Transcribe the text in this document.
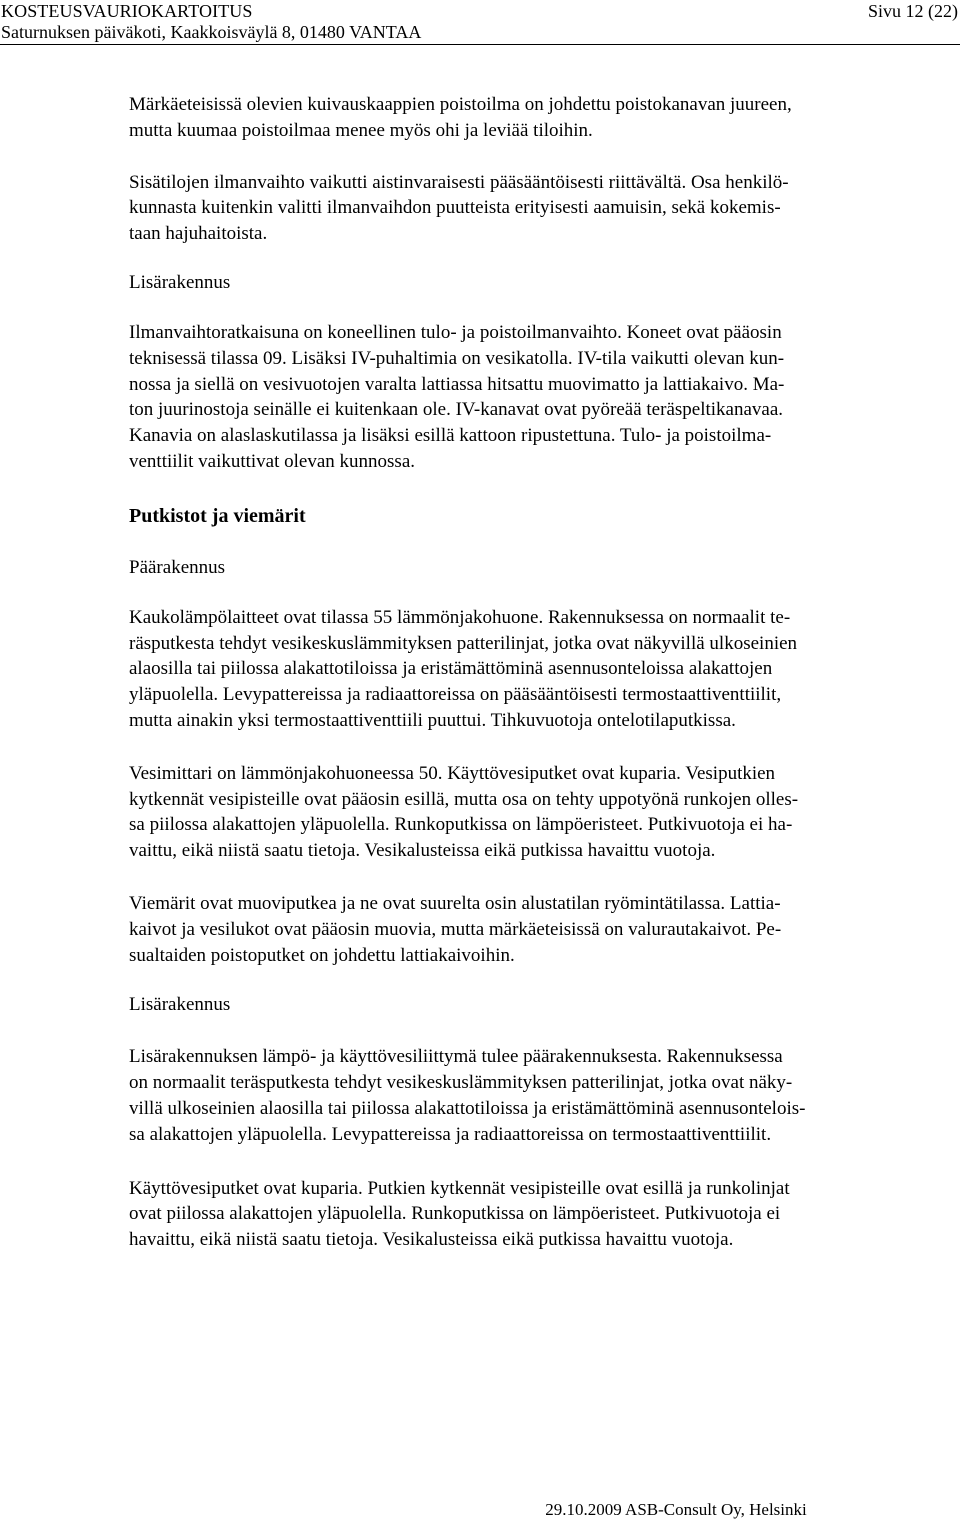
KOSTEUSVAURIOKARTOITUS
Saturnuksen päiväkoti, Kaakkoisväylä 8, 01480 VANTAA
Sivu 12 (22)

Märkäeteisissä olevien kuivauskaappien poistoilma on johdettu poistokanavan juureen,
mutta kuumaa poistoilmaa menee myös ohi ja leviää tiloihin.

Sisätilojen ilmanvaihto vaikutti aistinvaraisesti pääsääntöisesti riittävältä. Osa henkilö-
kunnasta kuitenkin valitti ilmanvaihdon puutteista erityisesti aamuisin, sekä kokemis-
taan hajuhaitoista.

Lisärakennus

Ilmanvaihtoratkaisuna on koneellinen tulo- ja poistoilmanvaihto. Koneet ovat pääosin
teknisessä tilassa 09. Lisäksi IV-puhaltimia on vesikatolla. IV-tila vaikutti olevan kun-
nossa ja siellä on vesivuotojen varalta lattiassa hitsattu muovimatto ja lattiakaivo. Ma-
ton juurinostoja seinälle ei kuitenkaan ole. IV-kanavat ovat pyöreää teräspeltikanavaa.
Kanavia on alaslaskutilassa ja lisäksi esillä kattoon ripustettuna. Tulo- ja poistoilma-
venttiilit vaikuttivat olevan kunnossa.

Putkistot ja viemärit
Päärakennus

Kaukolämpölaitteet ovat tilassa 55 lämmönjakohuone. Rakennuksessa on normaalit te-
räsputkesta tehdyt vesikeskuslämmityksen patterilinjat, jotka ovat näkyvillä ulkoseinien
alaosilla tai piilossa alakattotiloissa ja eristämättöminä asennusonteloissa alakattojen
yläpuolella. Levypattereissa ja radiaattoreissa on pääsääntöisesti termostaattiventtiilit,
mutta ainakin yksi termostaattiventtiili puuttui. Tihkuvuotoja ontelotilaputkissa.

Vesimittari on lämmönjakohuoneessa 50. Käyttövesiputket ovat kuparia. Vesiputkien
kytkennät vesipisteille ovat pääosin esillä, mutta osa on tehty uppotyönä runkojen olles-
sa piilossa alakattojen yläpuolella. Runkoputkissa on lämpöeristeet. Putkivuotoja ei ha-
vaittu, eikä niistä saatu tietoja. Vesikalusteissa eikä putkissa havaittu vuotoja.

Viemärit ovat muoviputkea ja ne ovat suurelta osin alustatilan ryömintätilassa. Lattia-
kaivot ja vesilukot ovat pääosin muovia, mutta märkäeteisissä on valurautakaivot. Pe-
sualtaiden poistoputket on johdettu lattiakaivoihin.

Lisärakennus

Lisärakennuksen lämpö- ja käyttövesiliittymä tulee päärakennuksesta. Rakennuksessa
on normaalit teräsputkesta tehdyt vesikeskuslämmityksen patterilinjat, jotka ovat näky-
villä ulkoseinien alaosilla tai piilossa alakattotiloissa ja eristämättöminä asennusontelois-
sa alakattojen yläpuolella. Levypattereissa ja radiaattoreissa on termostaattiventtiilit.

Käyttövesiputket ovat kuparia. Putkien kytkennät vesipisteille ovat esillä ja runkolinjat
ovat piilossa alakattojen yläpuolella. Runkoputkissa on lämpöeristeet. Putkivuotoja ei
havaittu, eikä niistä saatu tietoja. Vesikalusteissa eikä putkissa havaittu vuotoja.

29.10.2009 ASB-Consult Oy, Helsinki
